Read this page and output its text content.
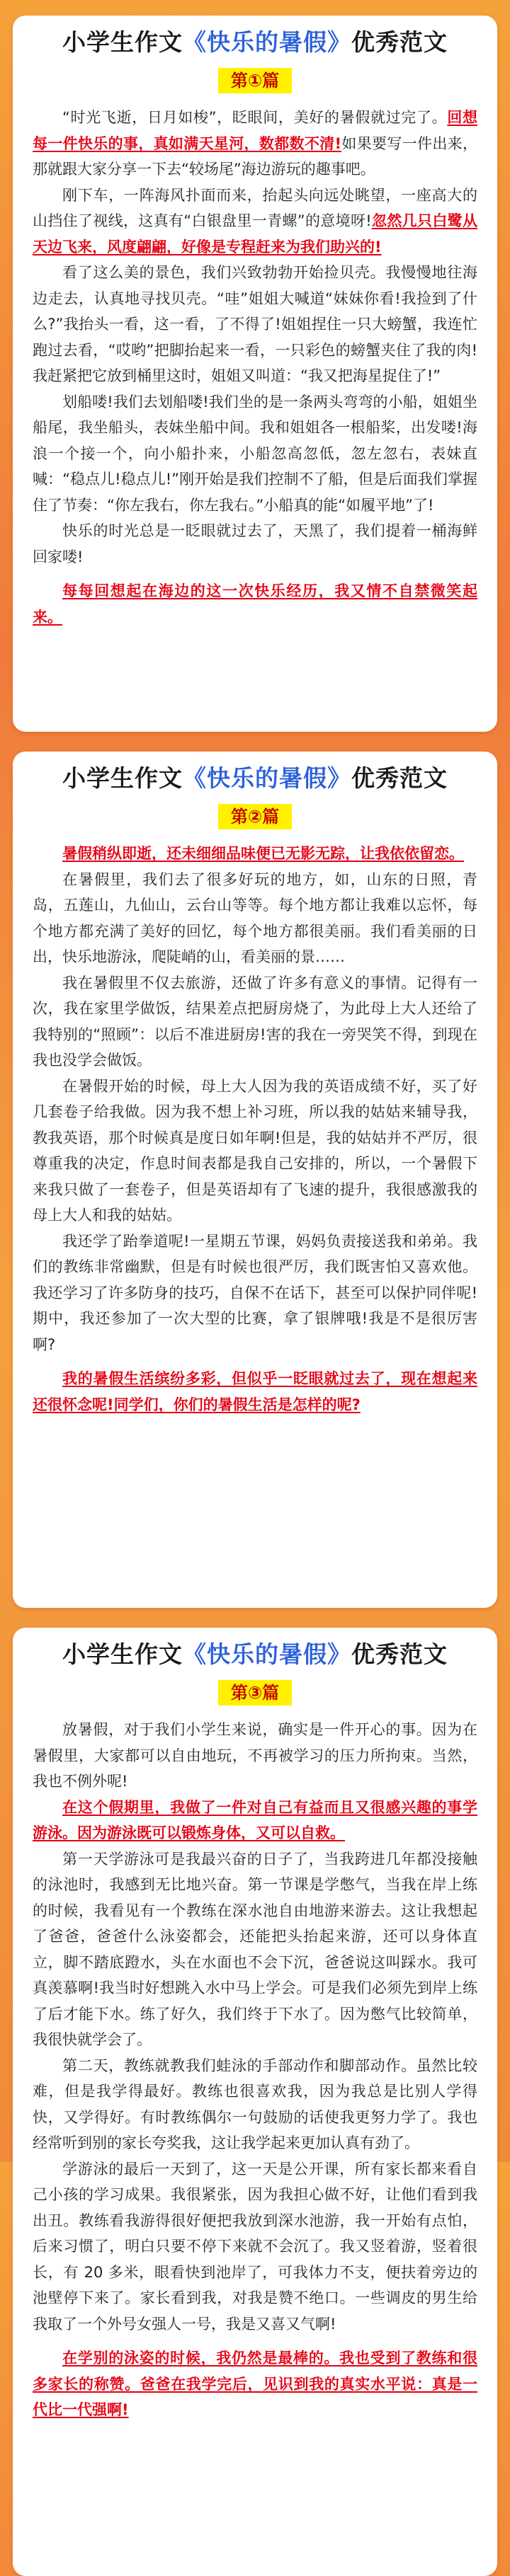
小学生作文《快乐的暑假》优秀范文
第①篇

“时光飞逝，日月如梭”，眨眼间，美好的暑假就过完了。回想每一件快乐的事，真如满天星河，数都数不清!如果要写一件出来，那就跟大家分享一下去“较场尾”海边游玩的趣事吧。

刚下车，一阵海风扑面而来，抬起头向远处眺望，一座高大的山挡住了视线，这真有“白银盘里一青螺”的意境呀!忽然几只白鹭从天边飞来，风度翩翩，好像是专程赶来为我们助兴的!

看了这么美的景色，我们兴致勃勃开始捡贝壳。我慢慢地往海边走去，认真地寻找贝壳。“哇”姐姐大喊道“妹妹你看!我捡到了什么?”我抬头一看，这一看，了不得了!姐姐捏住一只大螃蟹，我连忙跑过去看，“哎哟”把脚抬起来一看，一只彩色的螃蟹夹住了我的肉!我赶紧把它放到桶里这时，姐姐又叫道：“我又把海星捉住了!”

划船喽!我们去划船喽!我们坐的是一条两头弯弯的小船，姐姐坐船尾，我坐船头，表妹坐船中间。我和姐姐各一根船桨，出发喽!海浪一个接一个，向小船扑来，小船忽高忽低，忽左忽右，表妹直喊：“稳点儿!稳点儿!”刚开始是我们控制不了船，但是后面我们掌握住了节奏：“你左我右，你左我右。”小船真的能“如履平地”了!

快乐的时光总是一眨眼就过去了，天黑了，我们提着一桶海鲜回家喽!

每每回想起在海边的这一次快乐经历，我又情不自禁微笑起来。

小学生作文《快乐的暑假》优秀范文
第②篇

暑假稍纵即逝，还未细细品味便已无影无踪，让我依依留恋。

在暑假里，我们去了很多好玩的地方，如，山东的日照，青岛，五莲山，九仙山，云台山等等。每个地方都让我难以忘怀，每个地方都充满了美好的回忆，每个地方都很美丽。我们看美丽的日出，快乐地游泳，爬陡峭的山，看美丽的景……

我在暑假里不仅去旅游，还做了许多有意义的事情。记得有一次，我在家里学做饭，结果差点把厨房烧了，为此母上大人还给了我特别的“照顾”：以后不准进厨房!害的我在一旁哭笑不得，到现在我也没学会做饭。

在暑假开始的时候，母上大人因为我的英语成绩不好，买了好几套卷子给我做。因为我不想上补习班，所以我的姑姑来辅导我，教我英语，那个时候真是度日如年啊!但是，我的姑姑并不严厉，很尊重我的决定，作息时间表都是我自己安排的，所以，一个暑假下来我只做了一套卷子，但是英语却有了飞速的提升，我很感激我的母上大人和我的姑姑。

我还学了跆拳道呢!一星期五节课，妈妈负责接送我和弟弟。我们的教练非常幽默，但是有时候也很严厉，我们既害怕又喜欢他。我还学习了许多防身的技巧，自保不在话下，甚至可以保护同伴呢!期中，我还参加了一次大型的比赛，拿了银牌哦!我是不是很厉害啊?

我的暑假生活缤纷多彩，但似乎一眨眼就过去了，现在想起来还很怀念呢!同学们，你们的暑假生活是怎样的呢?

小学生作文《快乐的暑假》优秀范文
第③篇

放暑假，对于我们小学生来说，确实是一件开心的事。因为在暑假里，大家都可以自由地玩，不再被学习的压力所拘束。当然，我也不例外呢!

在这个假期里，我做了一件对自己有益而且又很感兴趣的事学游泳。因为游泳既可以锻炼身体，又可以自救。

第一天学游泳可是我最兴奋的日子了，当我跨进几年都没接触的泳池时，我感到无比地兴奋。第一节课是学憋气，当我在岸上练的时候，我看见有一个教练在深水池自由地游来游去。这让我想起了爸爸，爸爸什么泳姿都会，还能把头抬起来游，还可以身体直立，脚不踏底蹬水，头在水面也不会下沉，爸爸说这叫踩水。我可真羡慕啊!我当时好想跳入水中马上学会。可是我们必须先到岸上练了后才能下水。练了好久，我们终于下水了。因为憋气比较简单，我很快就学会了。

第二天，教练就教我们蛙泳的手部动作和脚部动作。虽然比较难，但是我学得最好。教练也很喜欢我，因为我总是比别人学得快，又学得好。有时教练偶尔一句鼓励的话使我更努力学了。我也经常听到别的家长夸奖我，这让我学起来更加认真有劲了。

学游泳的最后一天到了，这一天是公开课，所有家长都来看自己小孩的学习成果。我很紧张，因为我担心做不好，让他们看到我出丑。教练看我游得很好便把我放到深水池游，我一开始有点怕，后来习惯了，明白只要不停下来就不会沉了。我又竖着游，竖着很长，有 20 多米，眼看快到池岸了，可我体力不支，便扶着旁边的池壁停下来了。家长看到我，对我是赞不绝口。一些调皮的男生给我取了一个外号女强人一号，我是又喜又气啊!

在学别的泳姿的时候，我仍然是最棒的。我也受到了教练和很多家长的称赞。爸爸在我学完后，见识到我的真实水平说：真是一代比一代强啊!
